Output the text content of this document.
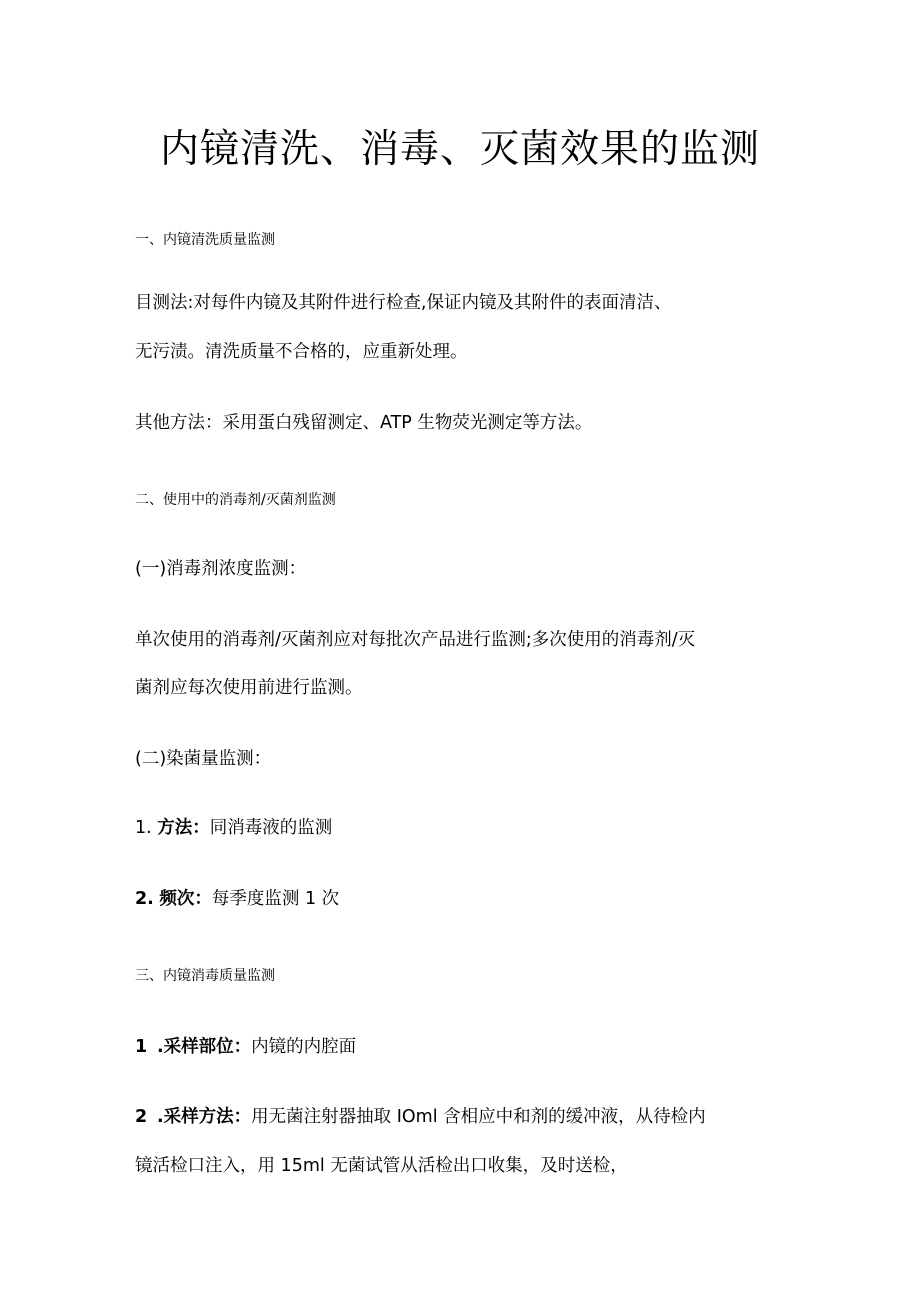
内镜清洗、消毒、灭菌效果的监测
一、内镜清洗质量监测
目测法:对每件内镜及其附件进行检查,保证内镜及其附件的表面清洁、
无污渍。清洗质量不合格的，应重新处理。
其他方法：采用蛋白残留测定、ATP 生物荧光测定等方法。
二、使用中的消毒剂/灭菌剂监测
(一)消毒剂浓度监测：
单次使用的消毒剂/灭菌剂应对每批次产品进行监测;多次使用的消毒剂/灭
菌剂应每次使用前进行监测。
(二)染菌量监测：
1. 方法：同消毒液的监测
2. 频次：每季度监测 1 次
三、内镜消毒质量监测
1 .采样部位：内镜的内腔面
2 .采样方法：用无菌注射器抽取 IOml 含相应中和剂的缓冲液，从待检内
镜活检口注入，用 15ml 无菌试管从活检出口收集，及时送检，
